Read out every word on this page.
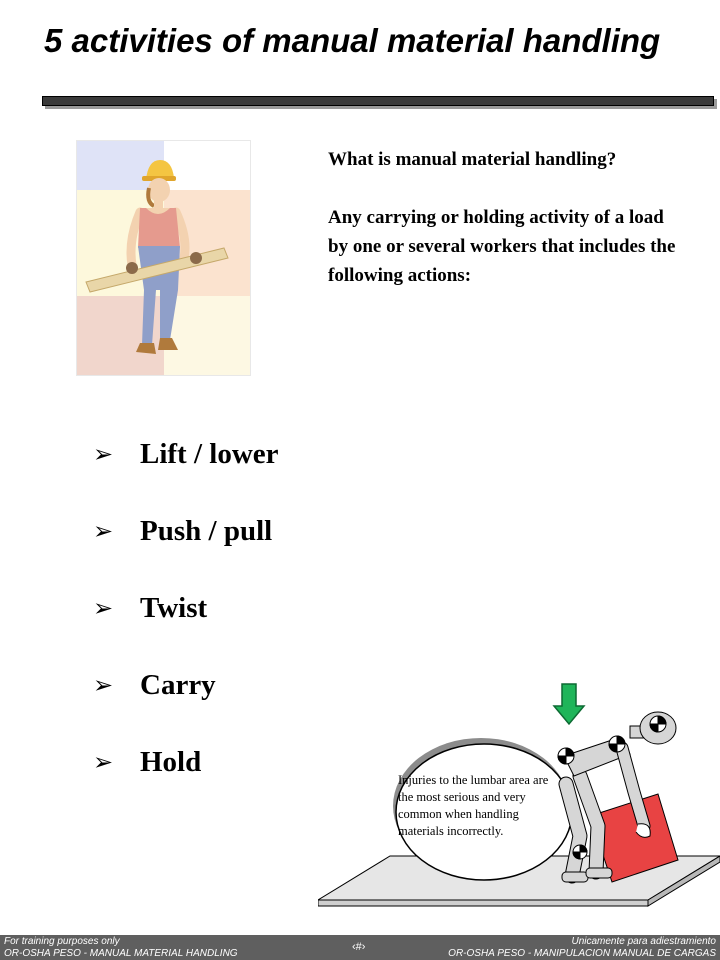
5 activities of manual material handling

What is manual material handling?

Any carrying or holding activity of a load by one or several workers that includes the following actions:

➢ Lift / lower
➢ Push / pull
➢ Twist
➢ Carry
➢ Hold
Injuries to the lumbar area are the most serious and very common when handling materials incorrectly.
For training purposes only
OR-OSHA PESO - MANUAL MATERIAL HANDLING
‹#›	Unicamente para adiestramiento
OR-OSHA PESO - MANIPULACION MANUAL DE CARGAS
